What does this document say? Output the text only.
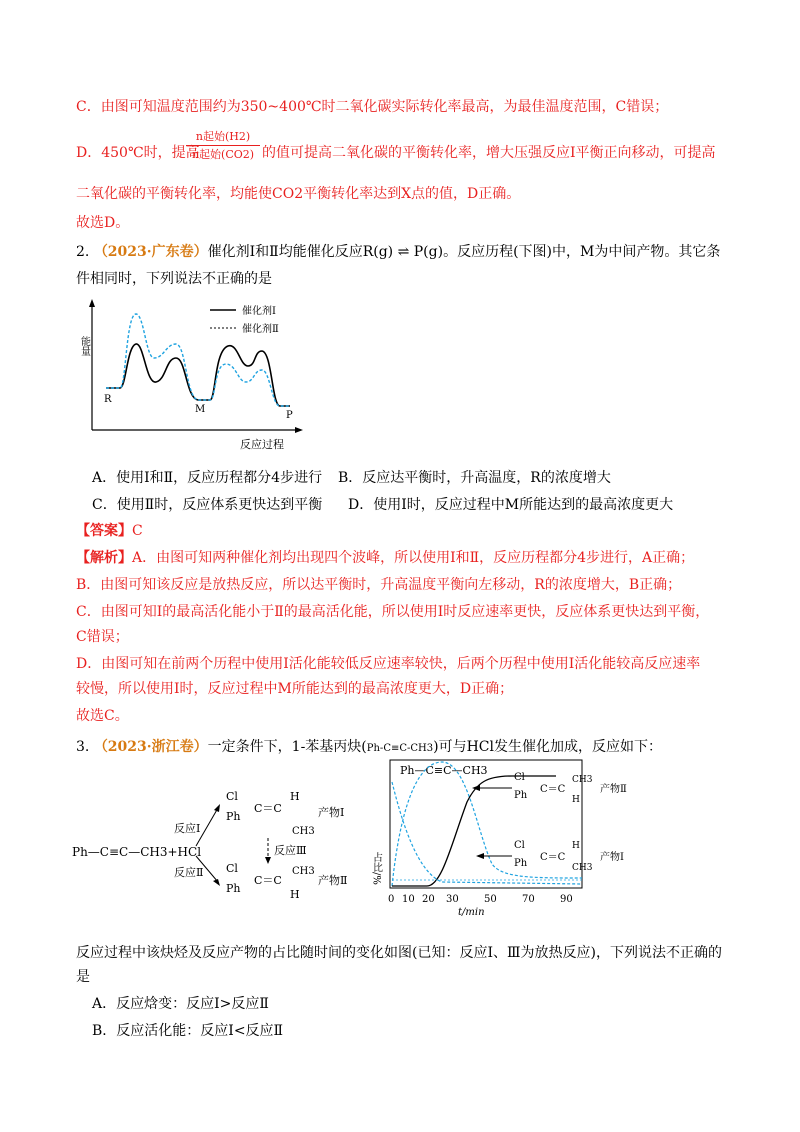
C．由图可知温度范围约为350~400℃时二氧化碳实际转化率最高，为最佳温度范围，C错误；
D．450℃时，提高
n起始(H2)
n起始(CO2) 的值可提高二氧化碳的平衡转化率，增大压强反应Ⅰ平衡正向移动，可提高
二氧化碳的平衡转化率，均能使CO2平衡转化率达到X点的值，D正确。
故选D。
2. （2023·广东卷）催化剂Ⅰ和Ⅱ均能催化反应R(g) ⇌ P(g)。反应历程(下图)中，M为中间产物。其它条
件相同时，下列说法不正确的是
能量
反应过程
催化剂Ⅰ
催化剂Ⅱ
R
M
P
A．使用Ⅰ和Ⅱ，反应历程都分4步进行 B．反应达平衡时，升高温度，R的浓度增大
C．使用Ⅱ时，反应体系更快达到平衡 D．使用Ⅰ时，反应过程中M所能达到的最高浓度更大
【答案】C
【解析】A．由图可知两种催化剂均出现四个波峰，所以使用Ⅰ和Ⅱ，反应历程都分4步进行，A正确；
B．由图可知该反应是放热反应，所以达平衡时，升高温度平衡向左移动，R的浓度增大，B正确；
C．由图可知Ⅰ的最高活化能小于Ⅱ的最高活化能，所以使用Ⅰ时反应速率更快，反应体系更快达到平衡，
C错误；
D．由图可知在前两个历程中使用Ⅰ活化能较低反应速率较快，后两个历程中使用Ⅰ活化能较高反应速率
较慢，所以使用Ⅰ时，反应过程中M所能达到的最高浓度更大，D正确；
故选C。
3. （2023·浙江卷）一定条件下，1-苯基丙炔(Ph-C≡C-CH3)可与HCl发生催化加成，反应如下：
Ph—C≡C—CH3+HCl
反应Ⅰ
反应Ⅱ
Cl
Ph
C＝C
H
CH3
产物Ⅰ
反应Ⅲ
Cl
Ph
C＝C
CH3
H
产物Ⅱ 占比/%
Ph—C≡C—CH3
Cl
Ph
C＝C
CH3
H
产物Ⅱ
Cl
Ph
C＝C
H
CH3
产物Ⅰ
0 10 20 30	50	70	90
t/min
反应过程中该炔烃及反应产物的占比随时间的变化如图(已知：反应Ⅰ、Ⅲ为放热反应)，下列说法不正确的
是
A．反应焓变：反应Ⅰ>反应Ⅱ
B．反应活化能：反应Ⅰ<反应Ⅱ
